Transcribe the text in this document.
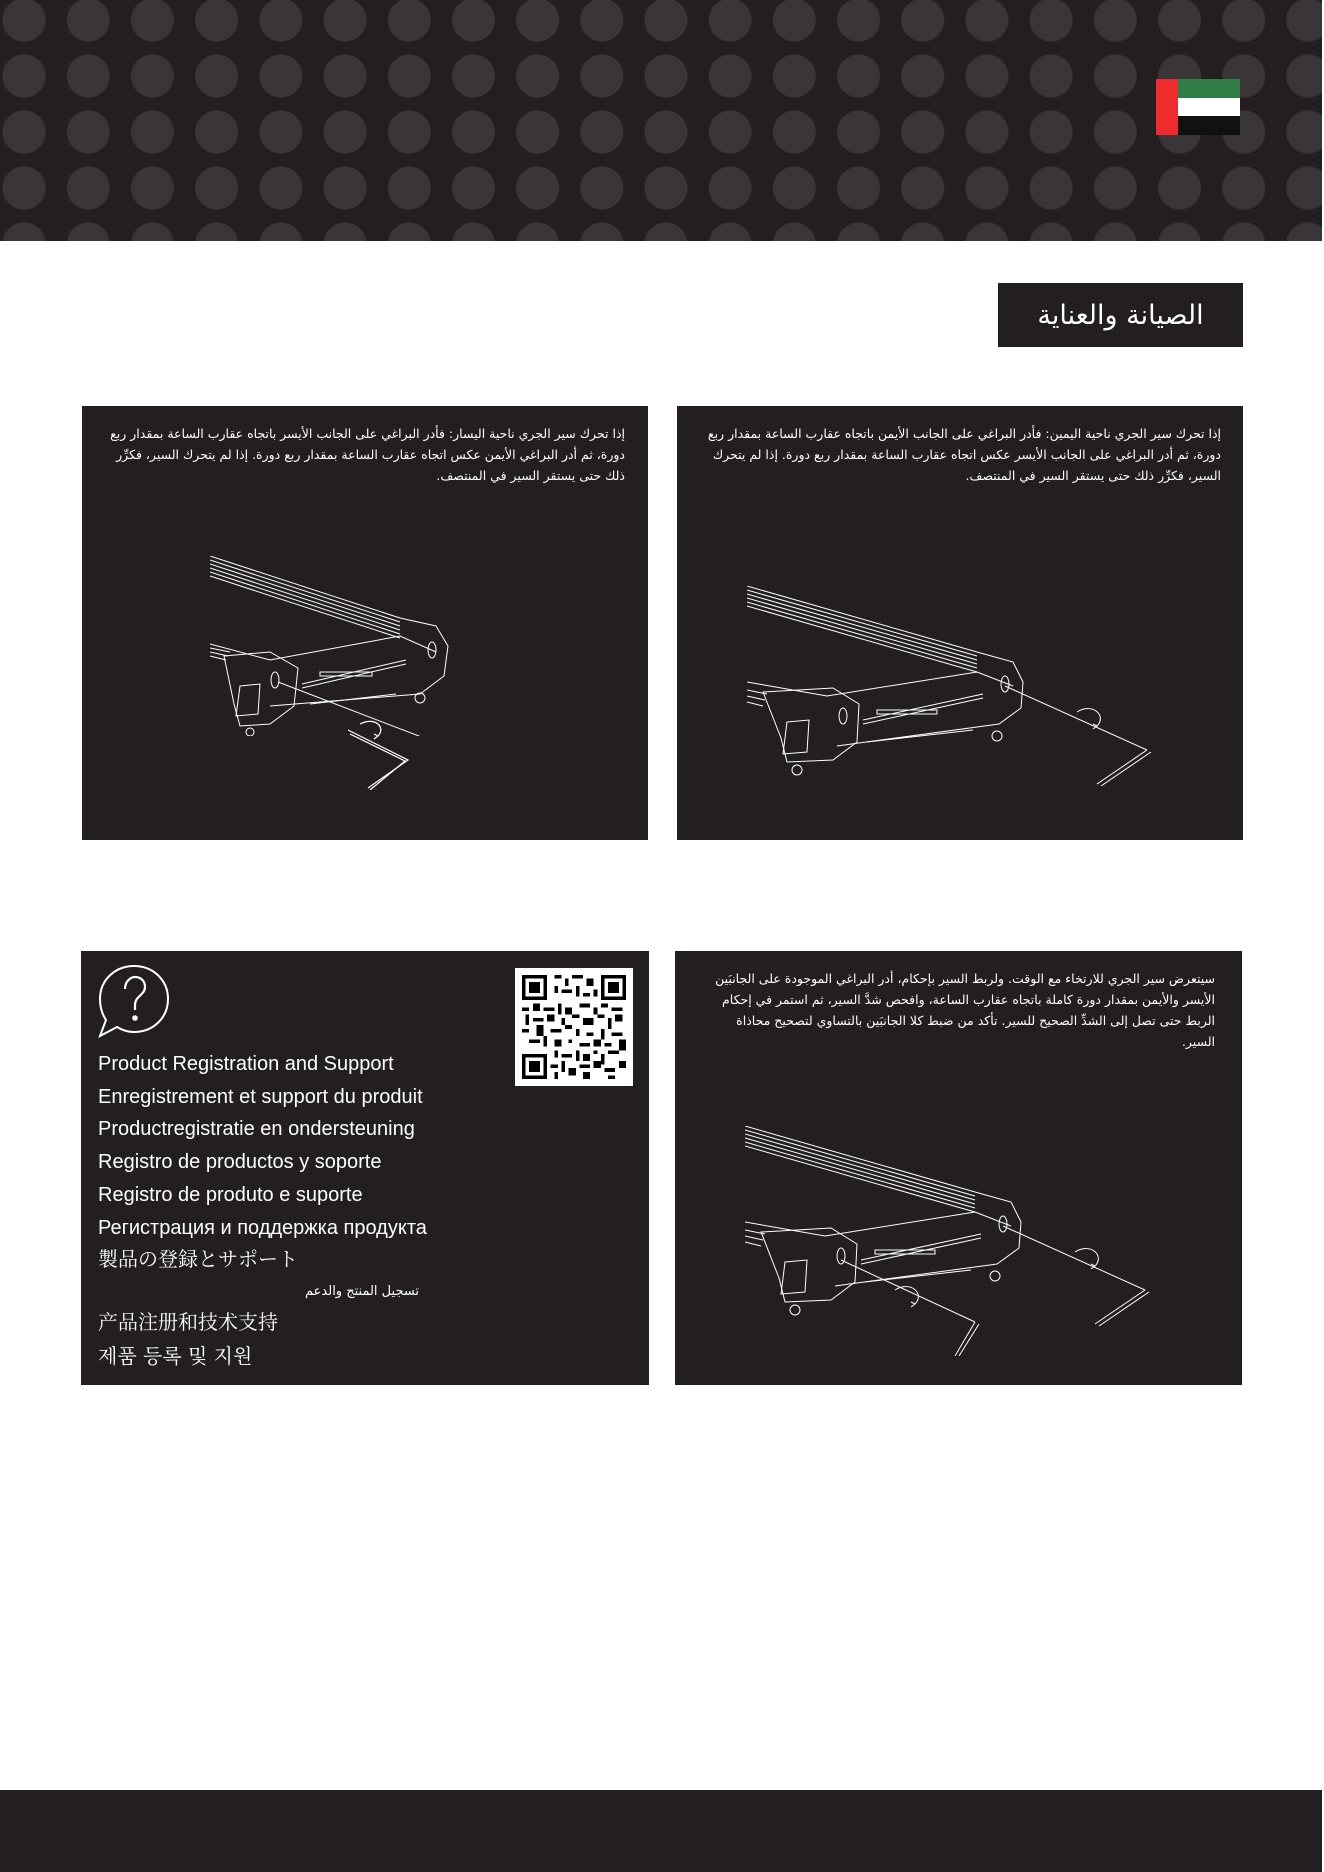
الصيانة والعناية
إذا تحرك سير الجري ناحية اليسار: فأدر البراغي على الجانب الأيسر باتجاه عقارب الساعة بمقدار ربع دورة، ثم أدر البراغي الأيمن عكس اتجاه عقارب الساعة بمقدار ربع دورة. إذا لم يتحرك السير، فكرِّر ذلك حتى يستقر السير في المنتصف.
إذا تحرك سير الجري ناحية اليمين: فأدر البراغي على الجانب الأيمن باتجاه عقارب الساعة بمقدار ربع دورة، ثم أدر البراغي على الجانب الأيسر عكس اتجاه عقارب الساعة بمقدار ربع دورة. إذا لم يتحرك السير، فكرِّر ذلك حتى يستقر السير في المنتصف.
Product Registration and Support
Enregistrement et support du produit
Productregistratie en ondersteuning
Registro de productos y soporte
Registro de produto e suporte
Регистрация и поддержка продукта
製品の登録とサポート
تسجيل المنتج والدعم
产品注册和技术支持
제품 등록 및 지원
سيتعرض سير الجري للارتخاء مع الوقت. ولربط السير بإحكام، أدر البراغي الموجودة على الجانبَين الأيسر والأيمن بمقدار دورة كاملة باتجاه عقارب الساعة، وافحص شدَّ السير، ثم استمر في إحكام الربط حتى تصل إلى الشدِّ الصحيح للسير. تأكد من ضبط كلا الجانبَين بالتساوي لتصحيح محاذاة السير.
